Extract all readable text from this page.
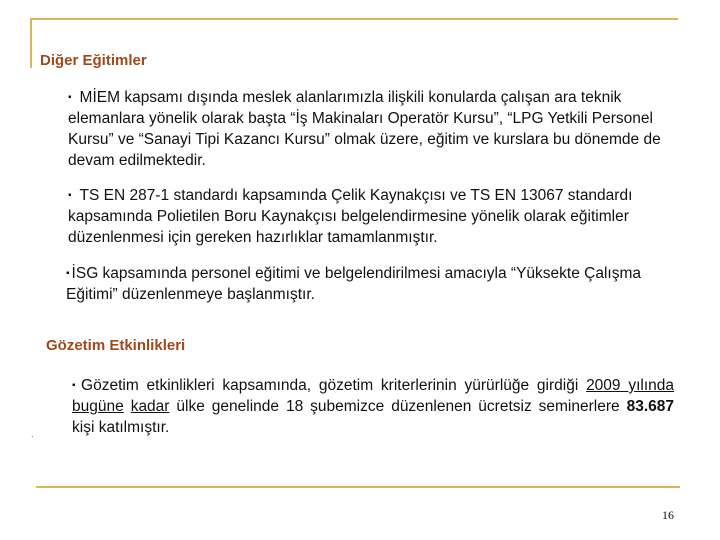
Diğer Eğitimler

▪ MİEM kapsamı dışında meslek alanlarımızla ilişkili konularda çalışan ara teknik elemanlara yönelik olarak başta “İş Makinaları Operatör Kursu”, “LPG Yetkili Personel Kursu” ve “Sanayi Tipi Kazancı Kursu” olmak üzere, eğitim ve kurslara bu dönemde de devam edilmektedir.

▪ TS EN 287-1 standardı kapsamında Çelik Kaynakçısı ve TS EN 13067 standardı kapsamında Polietilen Boru Kaynakçısı belgelendirmesine yönelik olarak eğitimler düzenlenmesi için gereken hazırlıklar tamamlanmıştır.

▪ İSG kapsamında personel eğitimi ve belgelendirilmesi amacıyla “Yüksekte Çalışma Eğitimi” düzenlenmeye başlanmıştır.

Gözetim Etkinlikleri
.

▪ Gözetim etkinlikleri kapsamında, gözetim kriterlerinin yürürlüğe girdiği 2009 yılında bugüne kadar ülke genelinde 18 şubemizce düzenlenen ücretsiz seminerlere 83.687 kişi katılmıştır.

16
